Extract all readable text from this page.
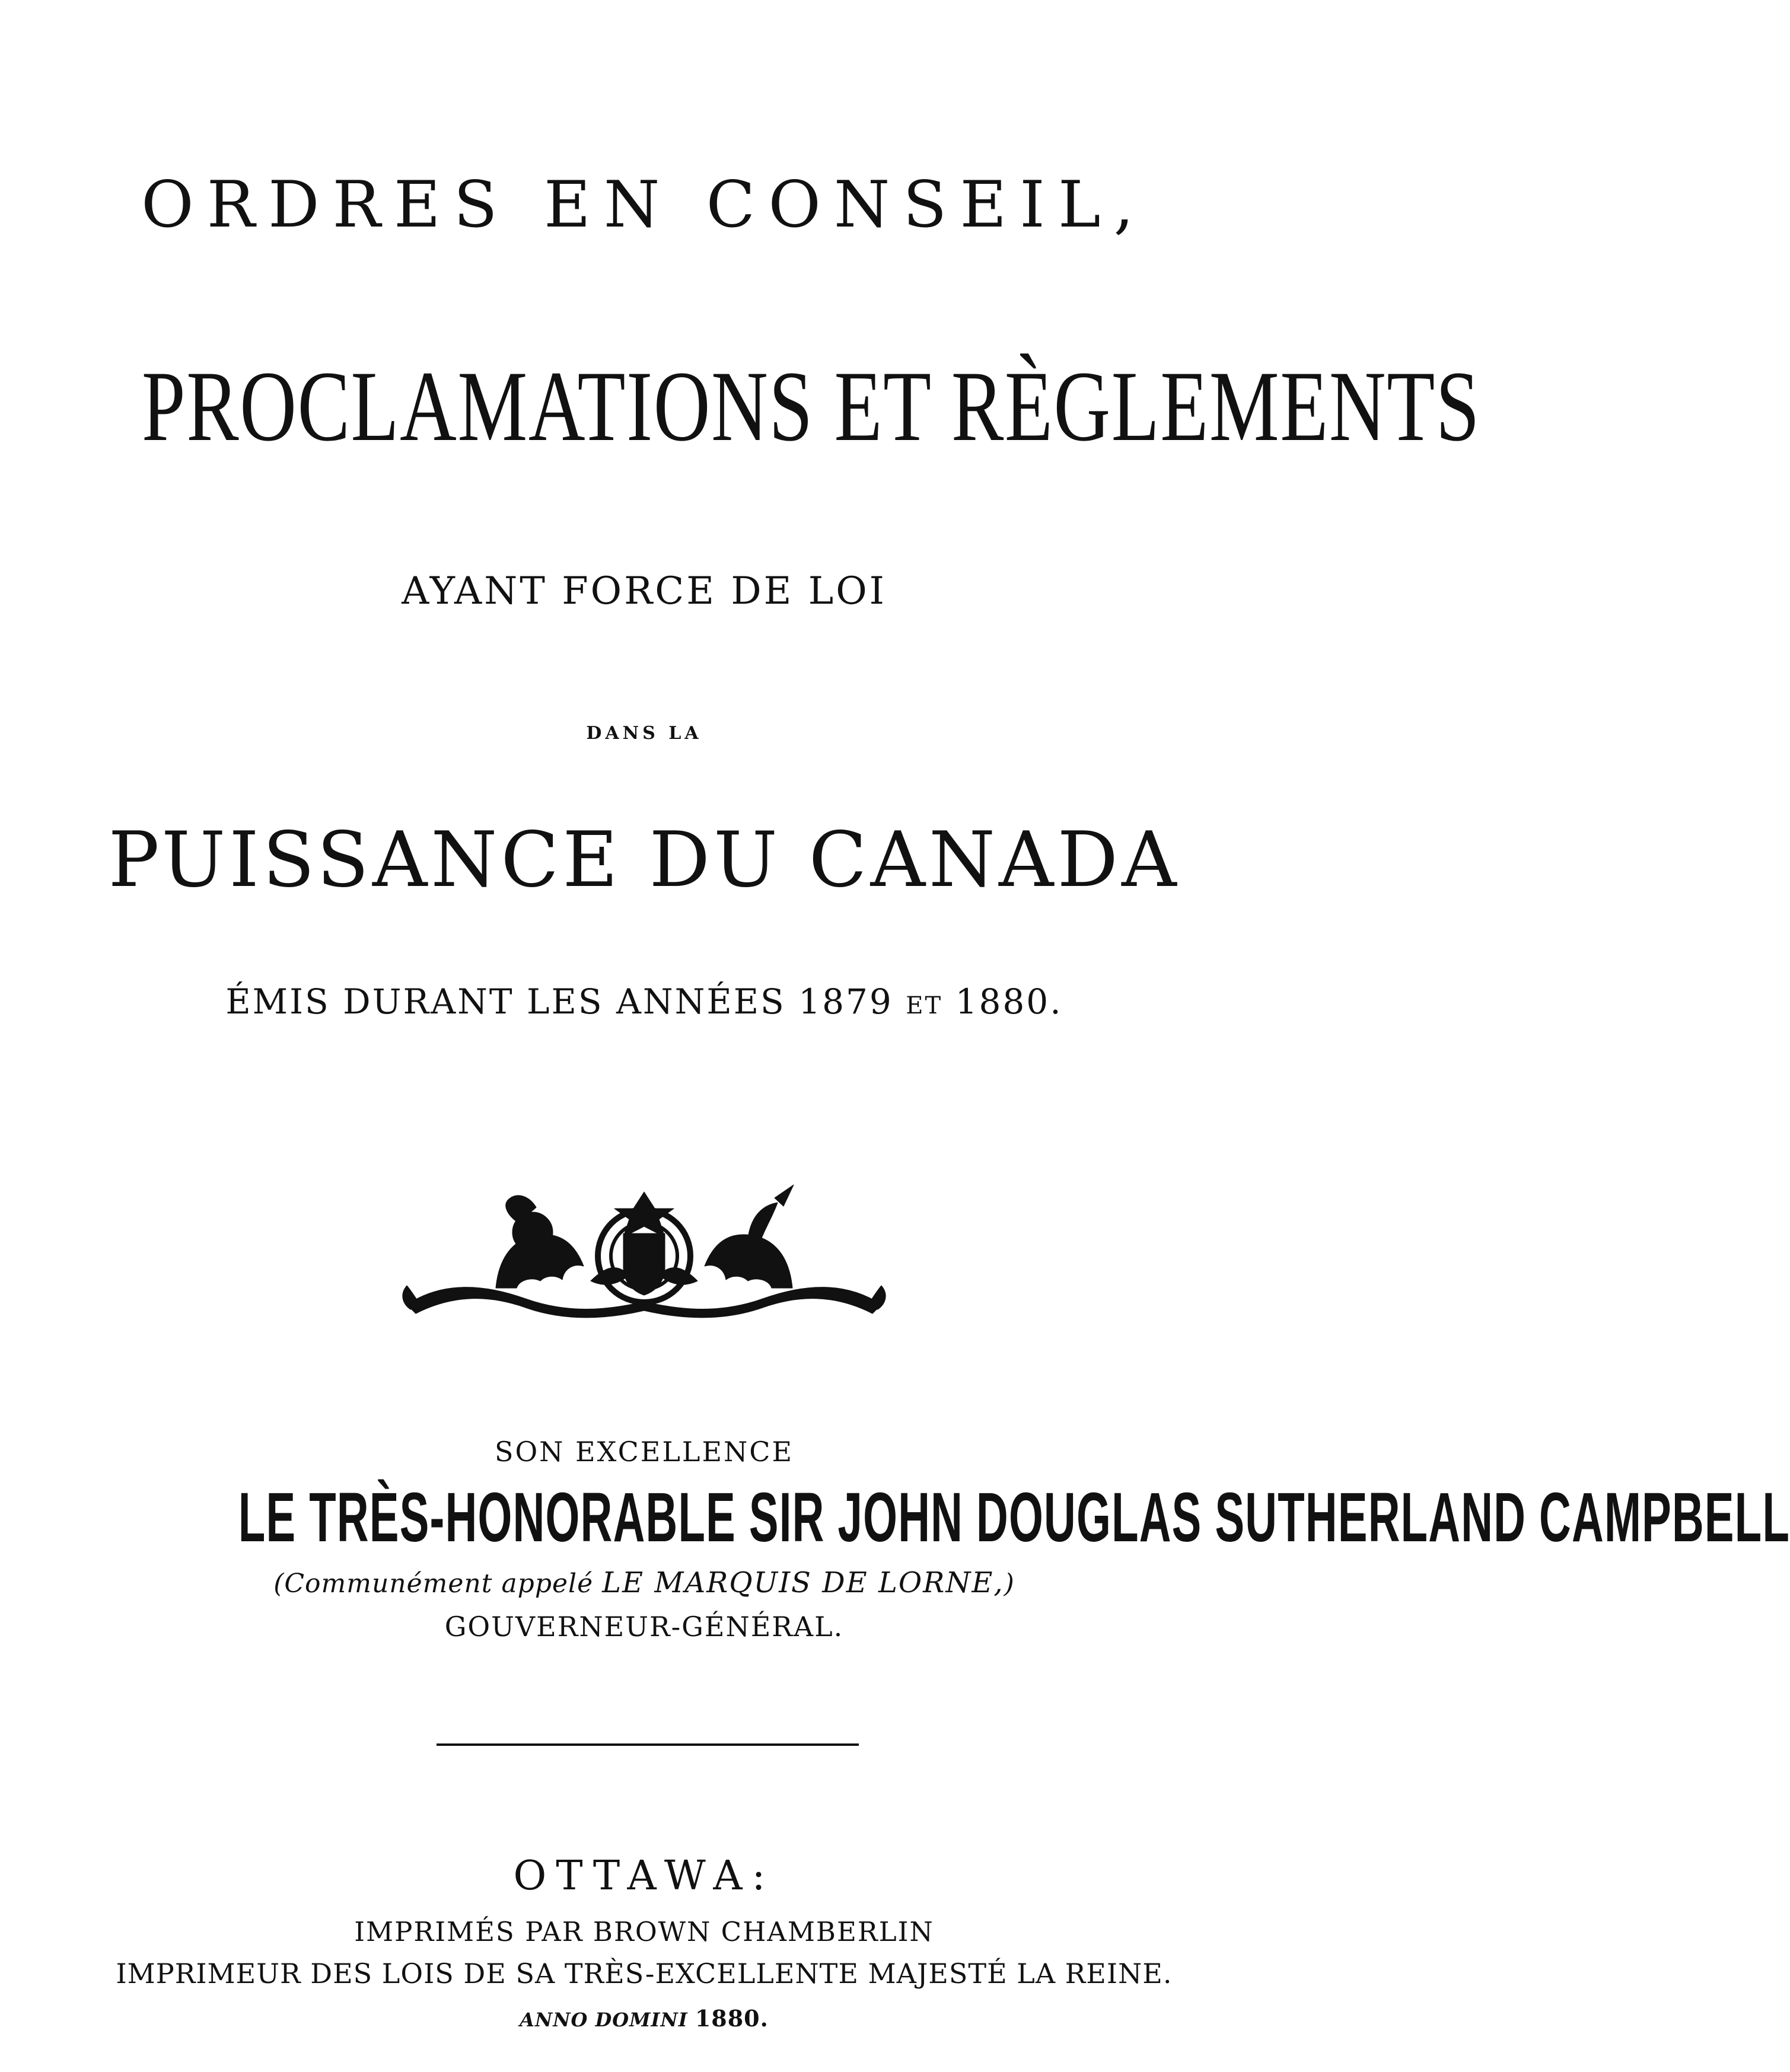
ORDRES EN CONSEIL,
PROCLAMATIONS ET RÈGLEMENTS
AYANT FORCE DE LOI
DANS LA
PUISSANCE DU CANADA
ÉMIS DURANT LES ANNÉES 1879 ET 1880.
SON EXCELLENCE
LE TRÈS-HONORABLE SIR JOHN DOUGLAS SUTHERLAND CAMPBELL
(Communément appelé LE MARQUIS DE LORNE,)
GOUVERNEUR-GÉNÉRAL.
OTTAWA:
IMPRIMÉS PAR BROWN CHAMBERLIN
IMPRIMEUR DES LOIS DE SA TRÈS-EXCELLENTE MAJESTÉ LA REINE.
ANNO DOMINI 1880.
